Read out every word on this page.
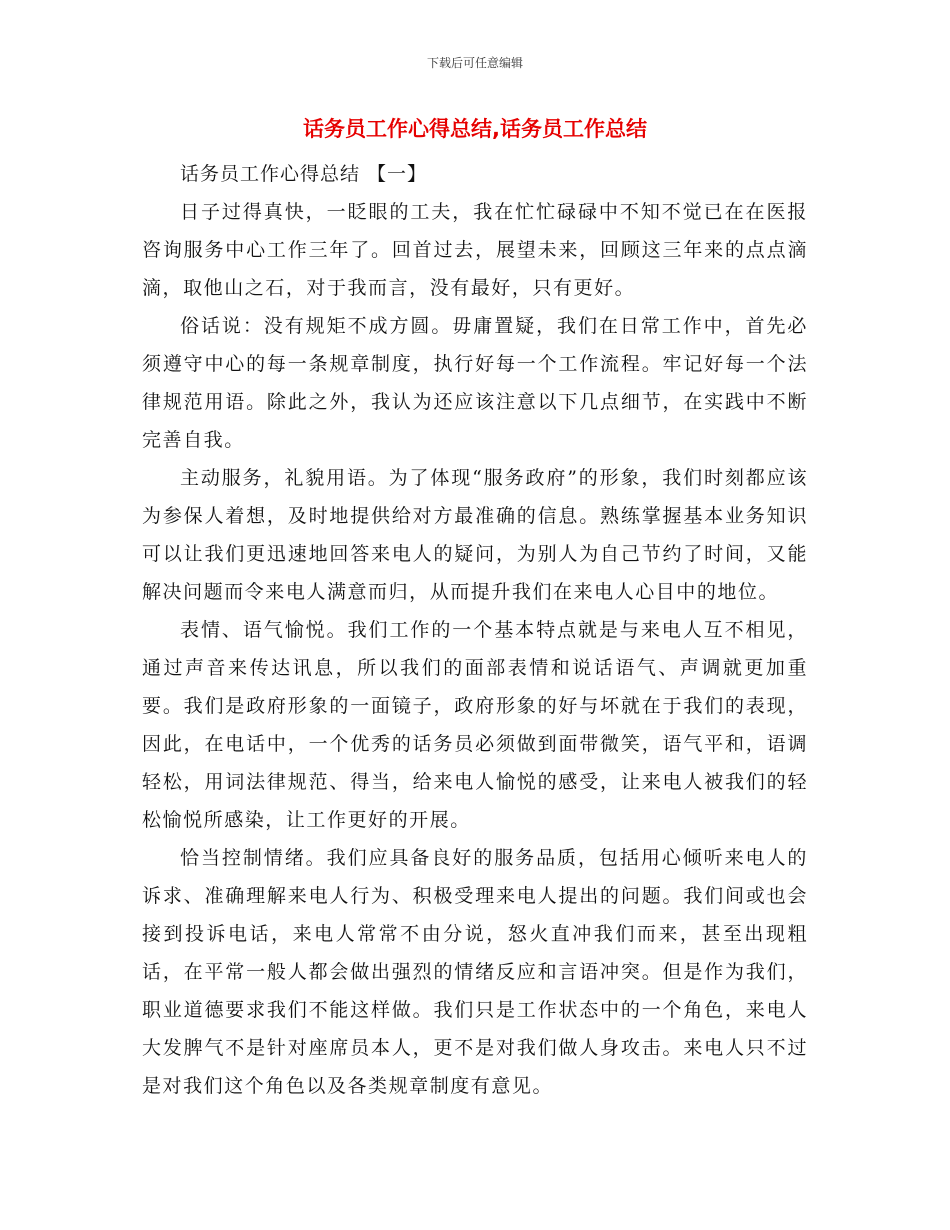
下载后可任意编辑
话务员工作心得总结,话务员工作总结

话务员工作心得总结 【一】

日子过得真快，一眨眼的工夫，我在忙忙碌碌中不知不觉已在在医报咨询服务中心工作三年了。回首过去，展望未来，回顾这三年来的点点滴滴，取他山之石，对于我而言，没有最好，只有更好。

俗话说：没有规矩不成方圆。毋庸置疑，我们在日常工作中，首先必须遵守中心的每一条规章制度，执行好每一个工作流程。牢记好每一个法律规范用语。除此之外，我认为还应该注意以下几点细节，在实践中不断完善自我。

主动服务，礼貌用语。为了体现“服务政府”的形象，我们时刻都应该为参保人着想，及时地提供给对方最准确的信息。熟练掌握基本业务知识可以让我们更迅速地回答来电人的疑问，为别人为自己节约了时间，又能解决问题而令来电人满意而归，从而提升我们在来电人心目中的地位。

表情、语气愉悦。我们工作的一个基本特点就是与来电人互不相见，通过声音来传达讯息，所以我们的面部表情和说话语气、声调就更加重要。我们是政府形象的一面镜子，政府形象的好与坏就在于我们的表现，因此，在电话中，一个优秀的话务员必须做到面带微笑，语气平和，语调轻松，用词法律规范、得当，给来电人愉悦的感受，让来电人被我们的轻松愉悦所感染，让工作更好的开展。

恰当控制情绪。我们应具备良好的服务品质，包括用心倾听来电人的诉求、准确理解来电人行为、积极受理来电人提出的问题。我们间或也会接到投诉电话，来电人常常不由分说，怒火直冲我们而来，甚至出现粗话，在平常一般人都会做出强烈的情绪反应和言语冲突。但是作为我们，职业道德要求我们不能这样做。我们只是工作状态中的一个角色，来电人大发脾气不是针对座席员本人，更不是对我们做人身攻击。来电人只不过是对我们这个角色以及各类规章制度有意见。
